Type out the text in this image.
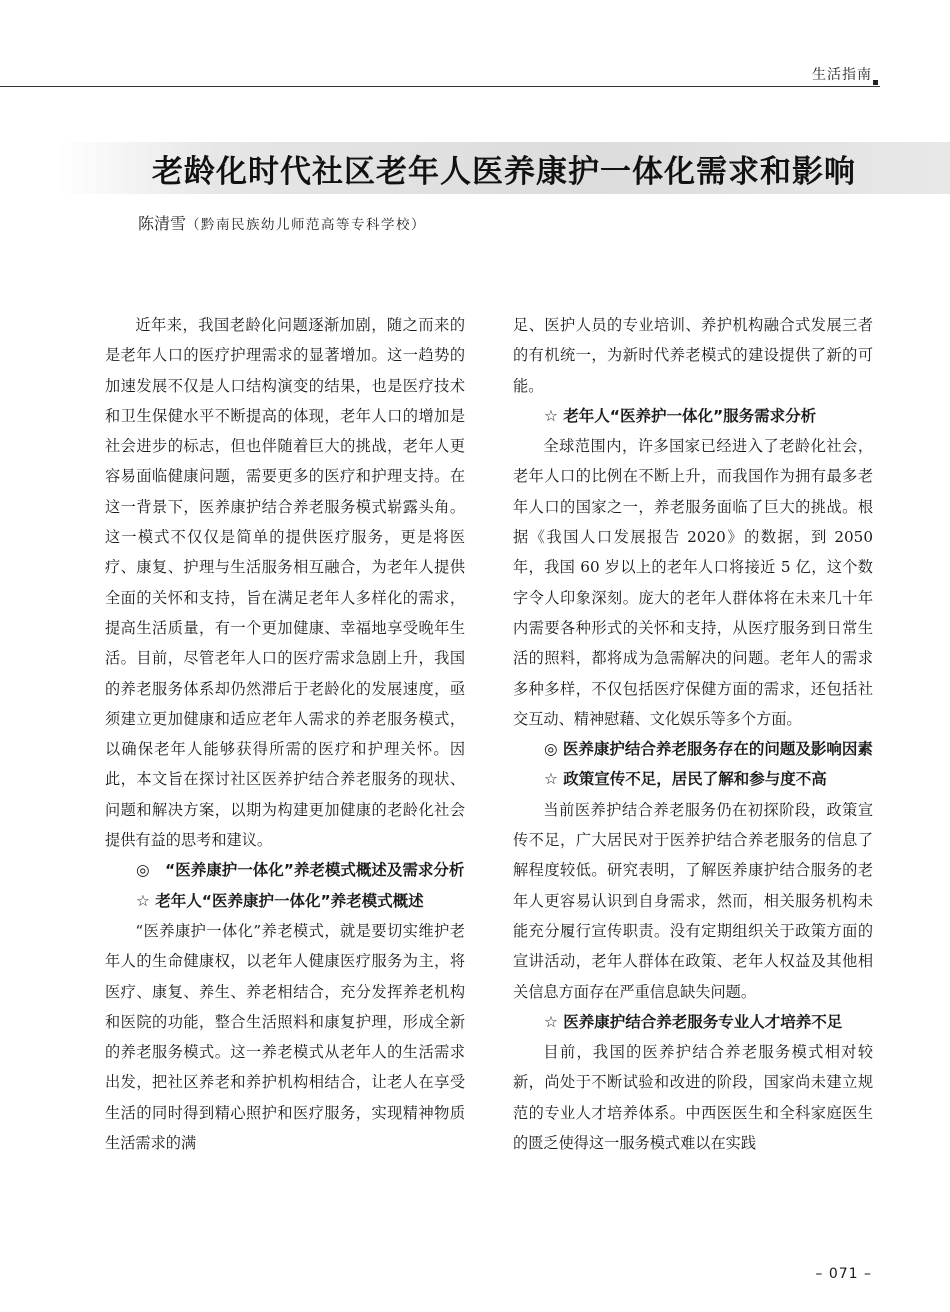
生活指南
老龄化时代社区老年人医养康护一体化需求和影响
陈清雪（黔南民族幼儿师范高等专科学校）

近年来，我国老龄化问题逐渐加剧，随之而来的是老年人口的医疗护理需求的显著增加。这一趋势的加速发展不仅是人口结构演变的结果，也是医疗技术和卫生保健水平不断提高的体现，老年人口的增加是社会进步的标志，但也伴随着巨大的挑战，老年人更容易面临健康问题，需要更多的医疗和护理支持。在这一背景下，医养康护结合养老服务模式崭露头角。这一模式不仅仅是简单的提供医疗服务，更是将医疗、康复、护理与生活服务相互融合，为老年人提供全面的关怀和支持，旨在满足老年人多样化的需求，提高生活质量，有一个更加健康、幸福地享受晚年生活。目前，尽管老年人口的医疗需求急剧上升，我国的养老服务体系却仍然滞后于老龄化的发展速度，亟须建立更加健康和适应老年人需求的养老服务模式，以确保老年人能够获得所需的医疗和护理关怀。因此，本文旨在探讨社区医养护结合养老服务的现状、问题和解决方案，以期为构建更加健康的老龄化社会提供有益的思考和建议。

◎　“医养康护一体化”养老模式概述及需求分析
☆ 老年人“医养康护一体化”养老模式概述

“医养康护一体化”养老模式，就是要切实维护老年人的生命健康权，以老年人健康医疗服务为主，将医疗、康复、养生、养老相结合，充分发挥养老机构和医院的功能，整合生活照料和康复护理，形成全新的养老服务模式。这一养老模式从老年人的生活需求出发，把社区养老和养护机构相结合，让老人在享受生活的同时得到精心照护和医疗服务，实现精神物质生活需求的满

足、医护人员的专业培训、养护机构融合式发展三者的有机统一，为新时代养老模式的建设提供了新的可能。

☆ 老年人“医养护一体化”服务需求分析

全球范围内，许多国家已经进入了老龄化社会，老年人口的比例在不断上升，而我国作为拥有最多老年人口的国家之一，养老服务面临了巨大的挑战。根据《我国人口发展报告 2020》的数据，到 2050 年，我国 60 岁以上的老年人口将接近 5 亿，这个数字令人印象深刻。庞大的老年人群体将在未来几十年内需要各种形式的关怀和支持，从医疗服务到日常生活的照料，都将成为急需解决的问题。老年人的需求多种多样，不仅包括医疗保健方面的需求，还包括社交互动、精神慰藉、文化娱乐等多个方面。

◎ 医养康护结合养老服务存在的问题及影响因素
☆ 政策宣传不足，居民了解和参与度不高

当前医养护结合养老服务仍在初探阶段，政策宣传不足，广大居民对于医养护结合养老服务的信息了解程度较低。研究表明，了解医养康护结合服务的老年人更容易认识到自身需求，然而，相关服务机构未能充分履行宣传职责。没有定期组织关于政策方面的宣讲活动，老年人群体在政策、老年人权益及其他相关信息方面存在严重信息缺失问题。

☆ 医养康护结合养老服务专业人才培养不足

目前，我国的医养护结合养老服务模式相对较新，尚处于不断试验和改进的阶段，国家尚未建立规范的专业人才培养体系。中西医医生和全科家庭医生的匮乏使得这一服务模式难以在实践

– 071 –
